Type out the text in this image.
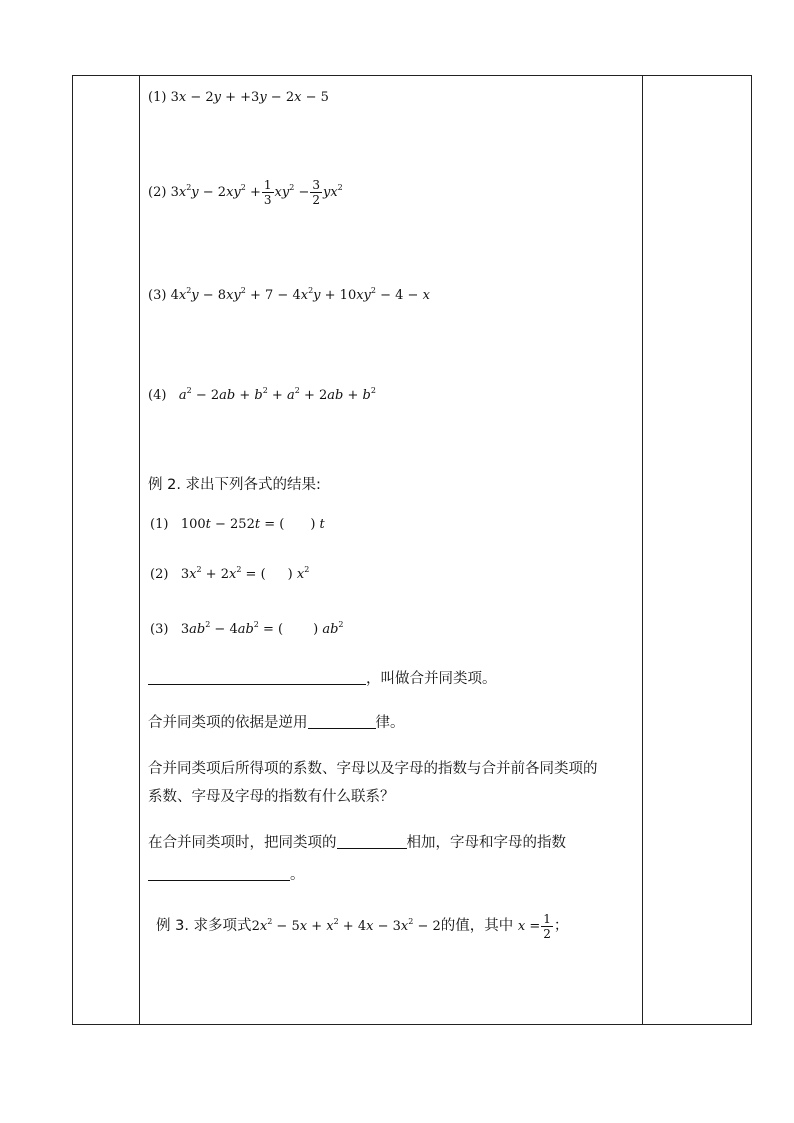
(1) 3x − 2y + +3y − 2x − 5
(2) $3x^2y - 2xy^2 + \frac{1}{3} xy^2 - \frac{3}{2} yx^2$
(3) $4x^2y - 8xy^2 + 7 - 4x^2y + 10xy^2 - 4 - x$
(4) $a^2 - 2ab + b^2 + a^2 + 2ab + b^2$
例 2. 求出下列各式的结果:
(1)   100t − 252t = ( ) t
(2)   $3x^2 + 2x^2$ = ( ) $x^2$
(3)   $3ab^2 - 4ab^2$ = ( ) $ab^2$
，叫做合并同类项。
合并同类项的依据是逆用	律。
合并同类项后所得项的系数、字母以及字母的指数与合并前各同类项的
系数、字母及字母的指数有什么联系？
在合并同类项时，把同类项的	相加，字母和字母的指数
。
例 3. 求多项式$2x^2 - 5x + x^2 + 4x - 3x^2 - 2$的值，其中 $x = \frac{1}{2}$ ；
